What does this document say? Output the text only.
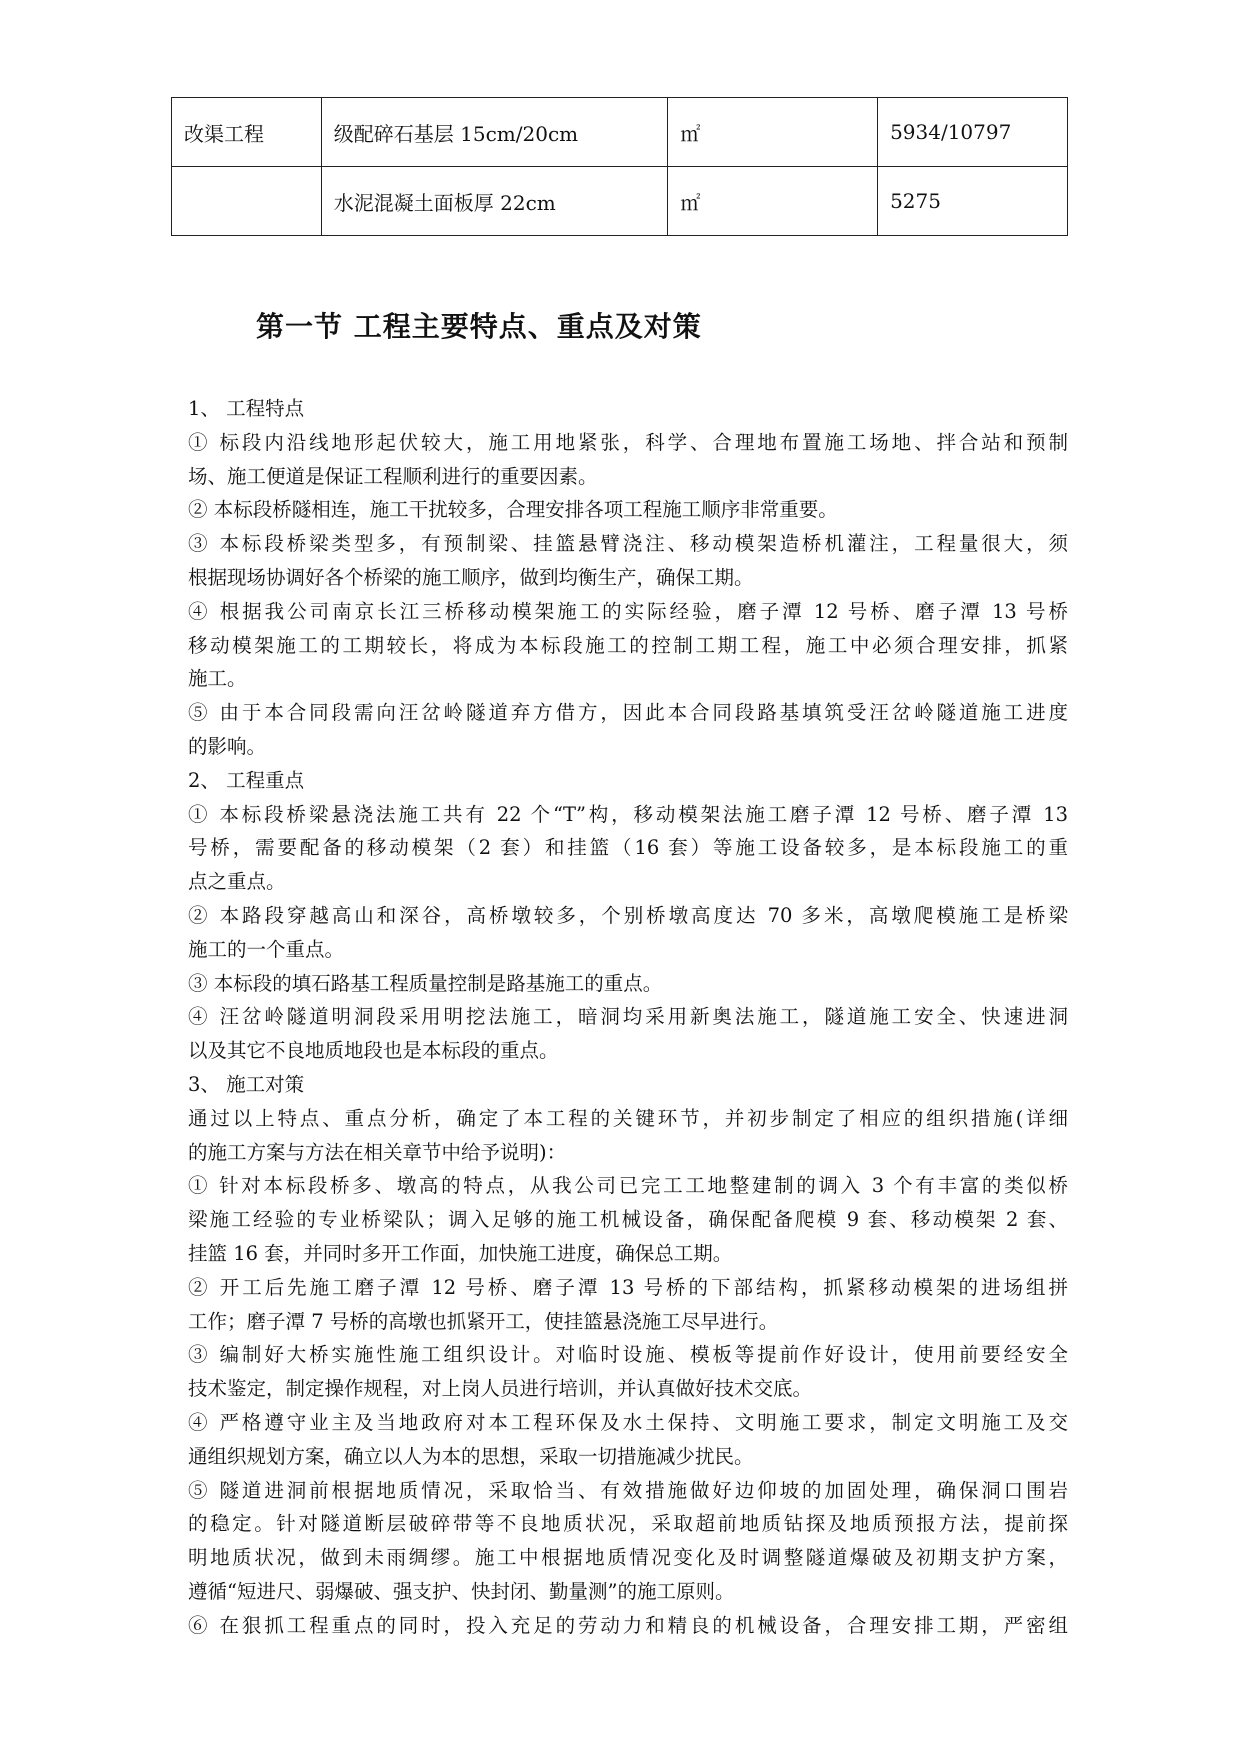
改渠工程	级配碎石基层 15cm/20cm	㎡	5934/10797
	水泥混凝土面板厚 22cm	㎡	5275
第一节 工程主要特点、重点及对策

1、 工程特点

① 标段内沿线地形起伏较大，施工用地紧张，科学、合理地布置施工场地、拌合站和预制

场、施工便道是保证工程顺利进行的重要因素。

② 本标段桥隧相连，施工干扰较多，合理安排各项工程施工顺序非常重要。

③ 本标段桥梁类型多，有预制梁、挂篮悬臂浇注、移动模架造桥机灌注，工程量很大，须

根据现场协调好各个桥梁的施工顺序，做到均衡生产，确保工期。

④ 根据我公司南京长江三桥移动模架施工的实际经验，磨子潭 12 号桥、磨子潭 13 号桥

移动模架施工的工期较长，将成为本标段施工的控制工期工程，施工中必须合理安排，抓紧

施工。

⑤ 由于本合同段需向汪岔岭隧道弃方借方，因此本合同段路基填筑受汪岔岭隧道施工进度

的影响。

2、 工程重点

① 本标段桥梁悬浇法施工共有 22 个“T”构，移动模架法施工磨子潭 12 号桥、磨子潭 13

号桥，需要配备的移动模架（2 套）和挂篮（16 套）等施工设备较多，是本标段施工的重

点之重点。

② 本路段穿越高山和深谷，高桥墩较多，个别桥墩高度达 70 多米，高墩爬模施工是桥梁

施工的一个重点。

③ 本标段的填石路基工程质量控制是路基施工的重点。

④ 汪岔岭隧道明洞段采用明挖法施工，暗洞均采用新奥法施工，隧道施工安全、快速进洞

以及其它不良地质地段也是本标段的重点。

3、 施工对策

通过以上特点、重点分析，确定了本工程的关键环节，并初步制定了相应的组织措施(详细

的施工方案与方法在相关章节中给予说明)：

① 针对本标段桥多、墩高的特点，从我公司已完工工地整建制的调入 3 个有丰富的类似桥

梁施工经验的专业桥梁队；调入足够的施工机械设备，确保配备爬模 9 套、移动模架 2 套、

挂篮 16 套，并同时多开工作面，加快施工进度，确保总工期。

② 开工后先施工磨子潭 12 号桥、磨子潭 13 号桥的下部结构，抓紧移动模架的进场组拼

工作；磨子潭 7 号桥的高墩也抓紧开工，使挂篮悬浇施工尽早进行。

③ 编制好大桥实施性施工组织设计。对临时设施、模板等提前作好设计，使用前要经安全

技术鉴定，制定操作规程，对上岗人员进行培训，并认真做好技术交底。

④ 严格遵守业主及当地政府对本工程环保及水土保持、文明施工要求，制定文明施工及交

通组织规划方案，确立以人为本的思想，采取一切措施减少扰民。

⑤ 隧道进洞前根据地质情况，采取恰当、有效措施做好边仰坡的加固处理，确保洞口围岩

的稳定。针对隧道断层破碎带等不良地质状况，采取超前地质钻探及地质预报方法，提前探

明地质状况，做到未雨绸缪。施工中根据地质情况变化及时调整隧道爆破及初期支护方案，

遵循“短进尺、弱爆破、强支护、快封闭、勤量测”的施工原则。

⑥ 在狠抓工程重点的同时，投入充足的劳动力和精良的机械设备，合理安排工期，严密组
